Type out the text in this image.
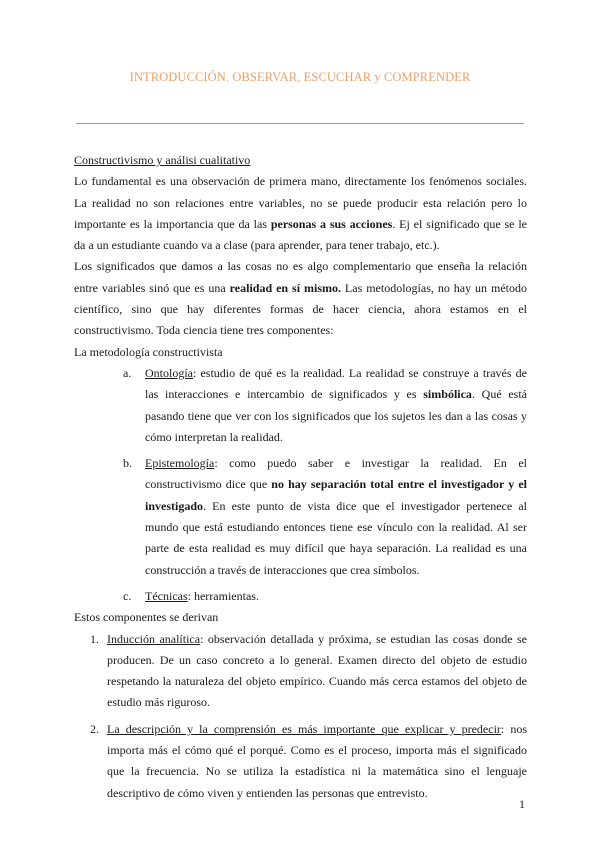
INTRODUCCIÓN. OBSERVAR, ESCUCHAR y COMPRENDER

Constructivismo y análisi cualitativo

Lo fundamental es una observación de primera mano, directamente los fenómenos sociales. La realidad no son relaciones entre variables, no se puede producir esta relación pero lo importante es la importancia que da las personas a sus acciones. Ej el significado que se le da a un estudiante cuando va a clase (para aprender, para tener trabajo, etc.).

Los significados que damos a las cosas no es algo complementario que enseña la relación entre variables sinó que es una realidad en sí mismo. Las metodologías, no hay un método científico, sino que hay diferentes formas de hacer ciencia, ahora estamos en el constructivismo. Toda ciencia tiene tres componentes:

La metodología constructivista

a. Ontología: estudio de qué es la realidad. La realidad se construye a través de las interacciones e intercambio de significados y es simbólica. Qué está pasando tiene que ver con los significados que los sujetos les dan a las cosas y cómo interpretan la realidad.
b. Epistemología: como puedo saber e investigar la realidad. En el constructivismo dice que no hay separación total entre el investigador y el investigado. En este punto de vista dice que el investigador pertenece al mundo que está estudiando entonces tiene ese vínculo con la realidad. Al ser parte de esta realidad es muy difícil que haya separación. La realidad es una construcción a través de interacciones que crea símbolos.
c. Técnicas: herramientas.

Estos componentes se derivan

1. Inducción analítica: observación detallada y próxima, se estudian las cosas donde se producen. De un caso concreto a lo general. Examen directo del objeto de estudio respetando la naturaleza del objeto empírico. Cuando más cerca estamos del objeto de estudio más riguroso.
2. La descripción y la comprensión es más importante que explicar y predecir: nos importa más el cómo qué el porqué. Como es el proceso, importa más el significado que la frecuencia. No se utiliza la estadística ni la matemática sino el lenguaje descriptivo de cómo viven y entienden las personas que entrevisto.
1
